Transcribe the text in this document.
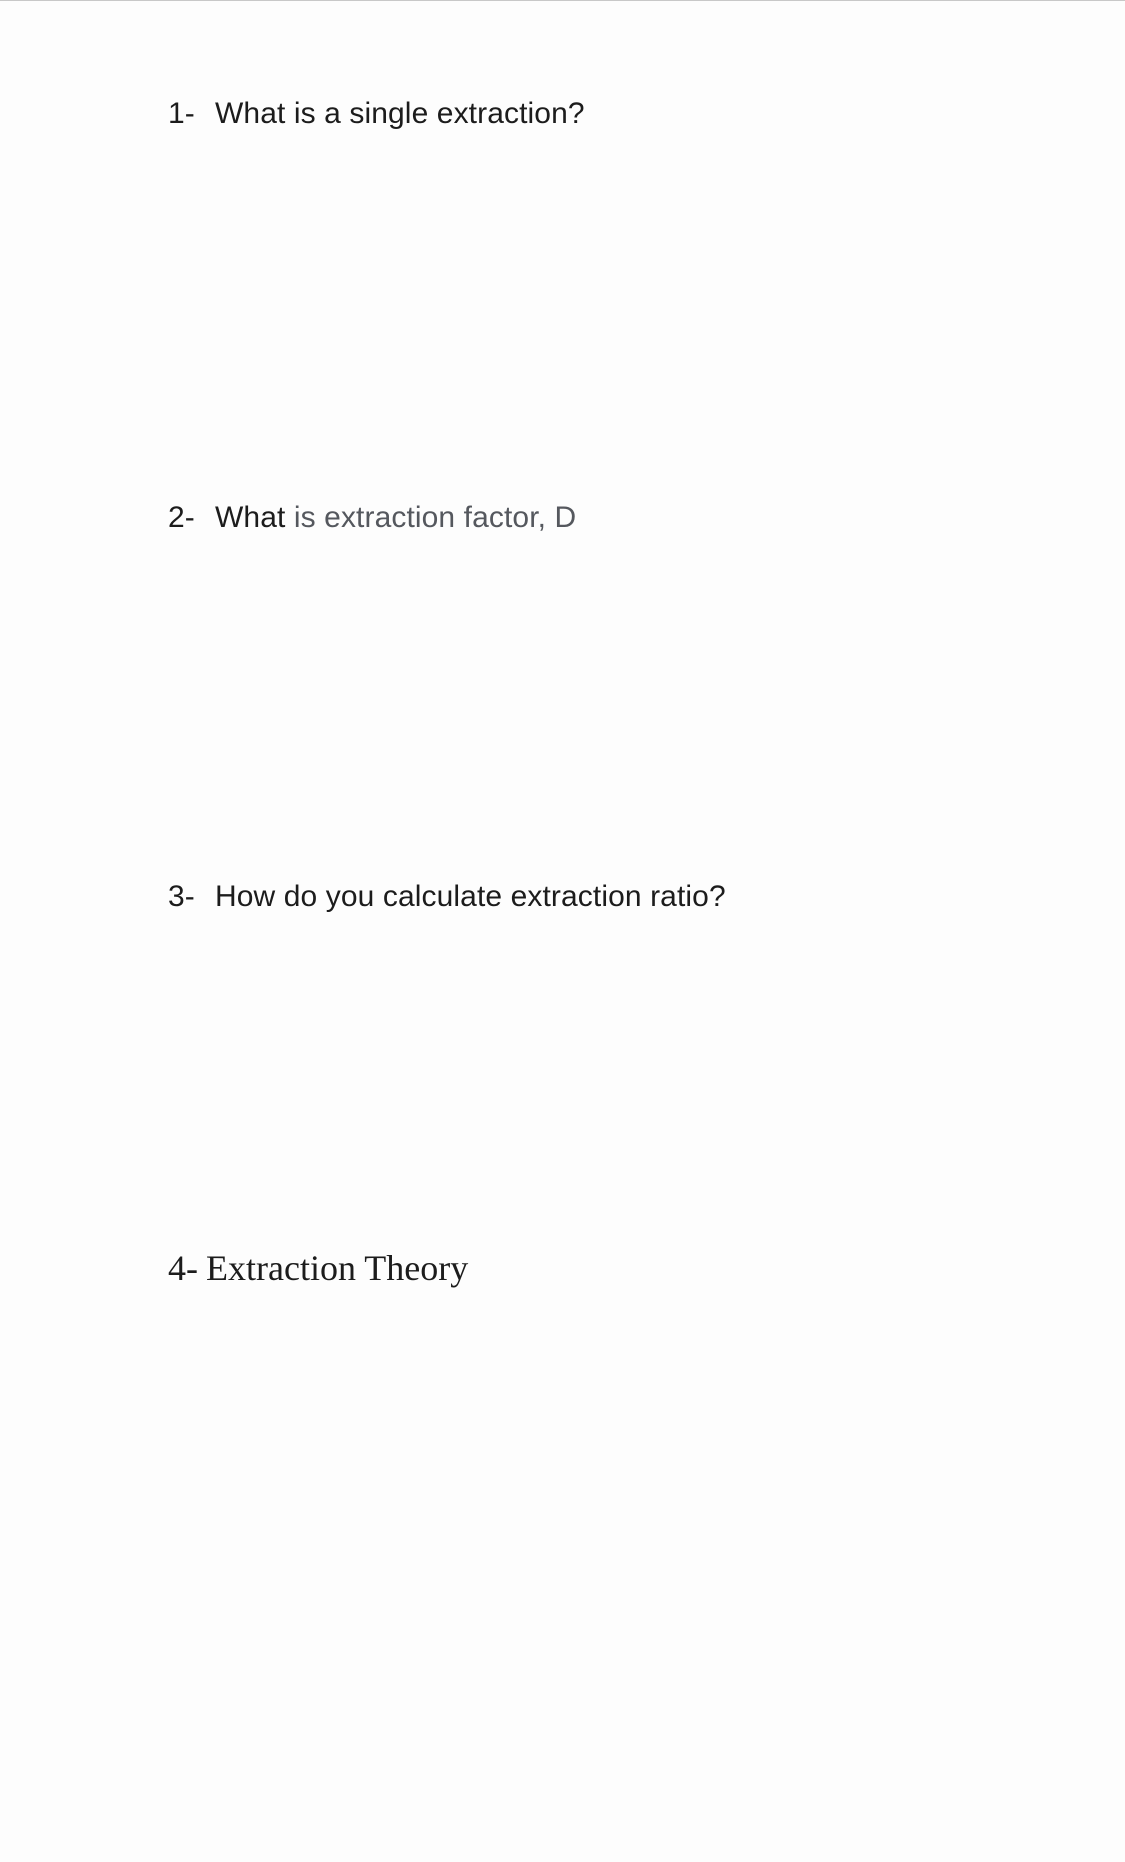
1- What is a single extraction?
2- What is extraction factor, D
3- How do you calculate extraction ratio?
4- Extraction Theory
